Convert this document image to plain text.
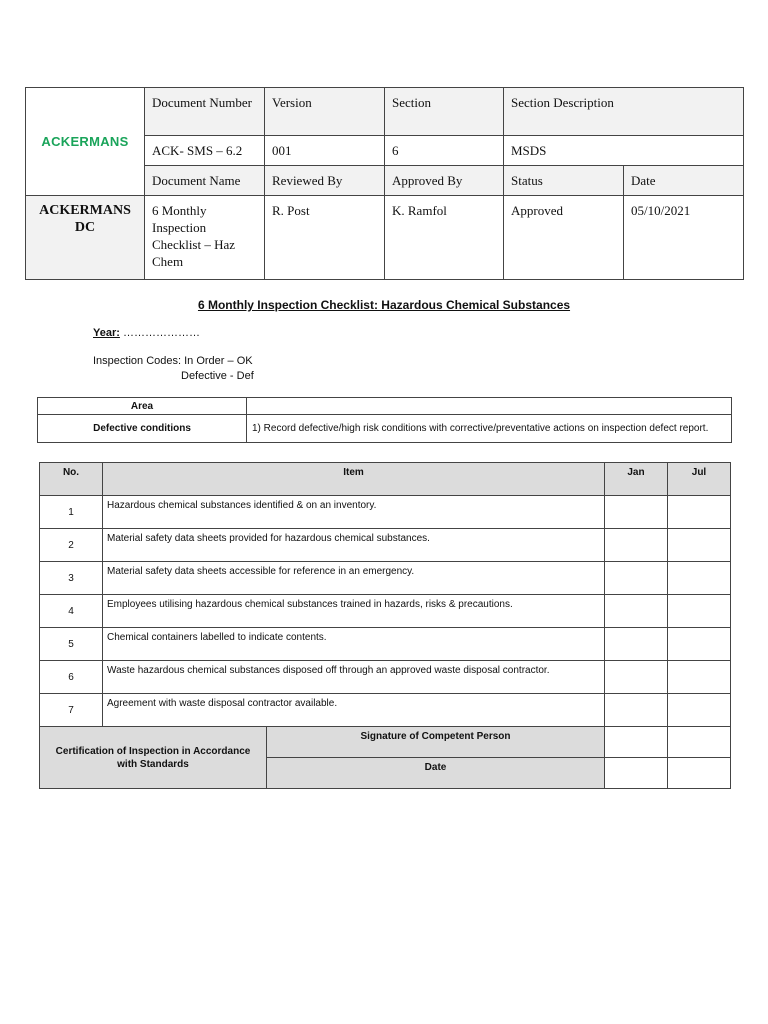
ACKERMANS	Document Number	Version	Section	Section Description	
	ACK- SMS – 6.2	001	6	MSDS	
	Document Name	Reviewed By	Approved By	Status	Date
ACKERMANS DC	6 Monthly Inspection Checklist – Haz Chem	R. Post	K. Ramfol	Approved	05/10/2021
6 Monthly Inspection Checklist: Hazardous Chemical Substances
Year: …………………
Inspection Codes: In Order – OK
Defective - Def
Area	
Defective conditions	1) Record defective/high risk conditions with corrective/preventative actions on inspection defect report.
No.	Item		Jan	Jul
1	Hazardous chemical substances identified & on an inventory.			
2	Material safety data sheets provided for hazardous chemical substances.			
3	Material safety data sheets accessible for reference in an emergency.			
4	Employees utilising hazardous chemical substances trained in hazards, risks & precautions.			
5	Chemical containers labelled to indicate contents.			
6	Waste hazardous chemical substances disposed off through an approved waste disposal contractor.			
7	Agreement with waste disposal contractor available.			
Certification of Inspection in Accordance with Standards		Signature of Competent Person		
		Date		
